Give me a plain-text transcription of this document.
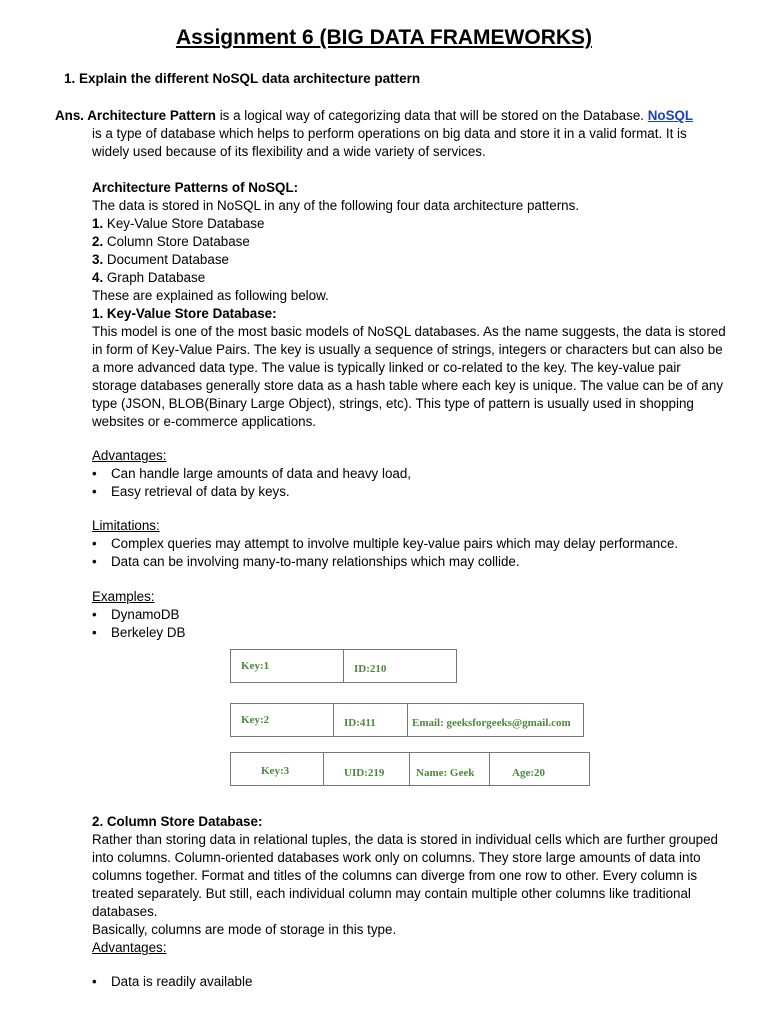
Assignment 6 (BIG DATA FRAMEWORKS)
1. Explain the different NoSQL data architecture pattern

Ans. Architecture Pattern is a logical way of categorizing data that will be stored on the Database. NoSQL

is a type of database which helps to perform operations on big data and store it in a valid format. It is widely used because of its flexibility and a wide variety of services.

Architecture Patterns of NoSQL:
The data is stored in NoSQL in any of the following four data architecture patterns.
1. Key-Value Store Database
2. Column Store Database
3. Document Database
4. Graph Database
These are explained as following below.
1. Key-Value Store Database:
This model is one of the most basic models of NoSQL databases. As the name suggests, the data is stored in form of Key-Value Pairs. The key is usually a sequence of strings, integers or characters but can also be a more advanced data type. The value is typically linked or co-related to the key. The key-value pair storage databases generally store data as a hash table where each key is unique. The value can be of any type (JSON, BLOB(Binary Large Object), strings, etc). This type of pattern is usually used in shopping websites or e-commerce applications.
Advantages:
• Can handle large amounts of data and heavy load,
• Easy retrieval of data by keys.
Limitations:
• Complex queries may attempt to involve multiple key-value pairs which may delay performance.
• Data can be involving many-to-many relationships which may collide.
Examples:
• DynamoDB
• Berkeley DB
Key:1	ID:210
Key:2	ID:411	Email: geeksforgeeks@gmail.com
Key:3	UID:219	Name: Geek	Age:20
2. Column Store Database:
Rather than storing data in relational tuples, the data is stored in individual cells which are further grouped into columns. Column-oriented databases work only on columns. They store large amounts of data into columns together. Format and titles of the columns can diverge from one row to other. Every column is treated separately. But still, each individual column may contain multiple other columns like traditional databases.
Basically, columns are mode of storage in this type.
Advantages:
• Data is readily available
